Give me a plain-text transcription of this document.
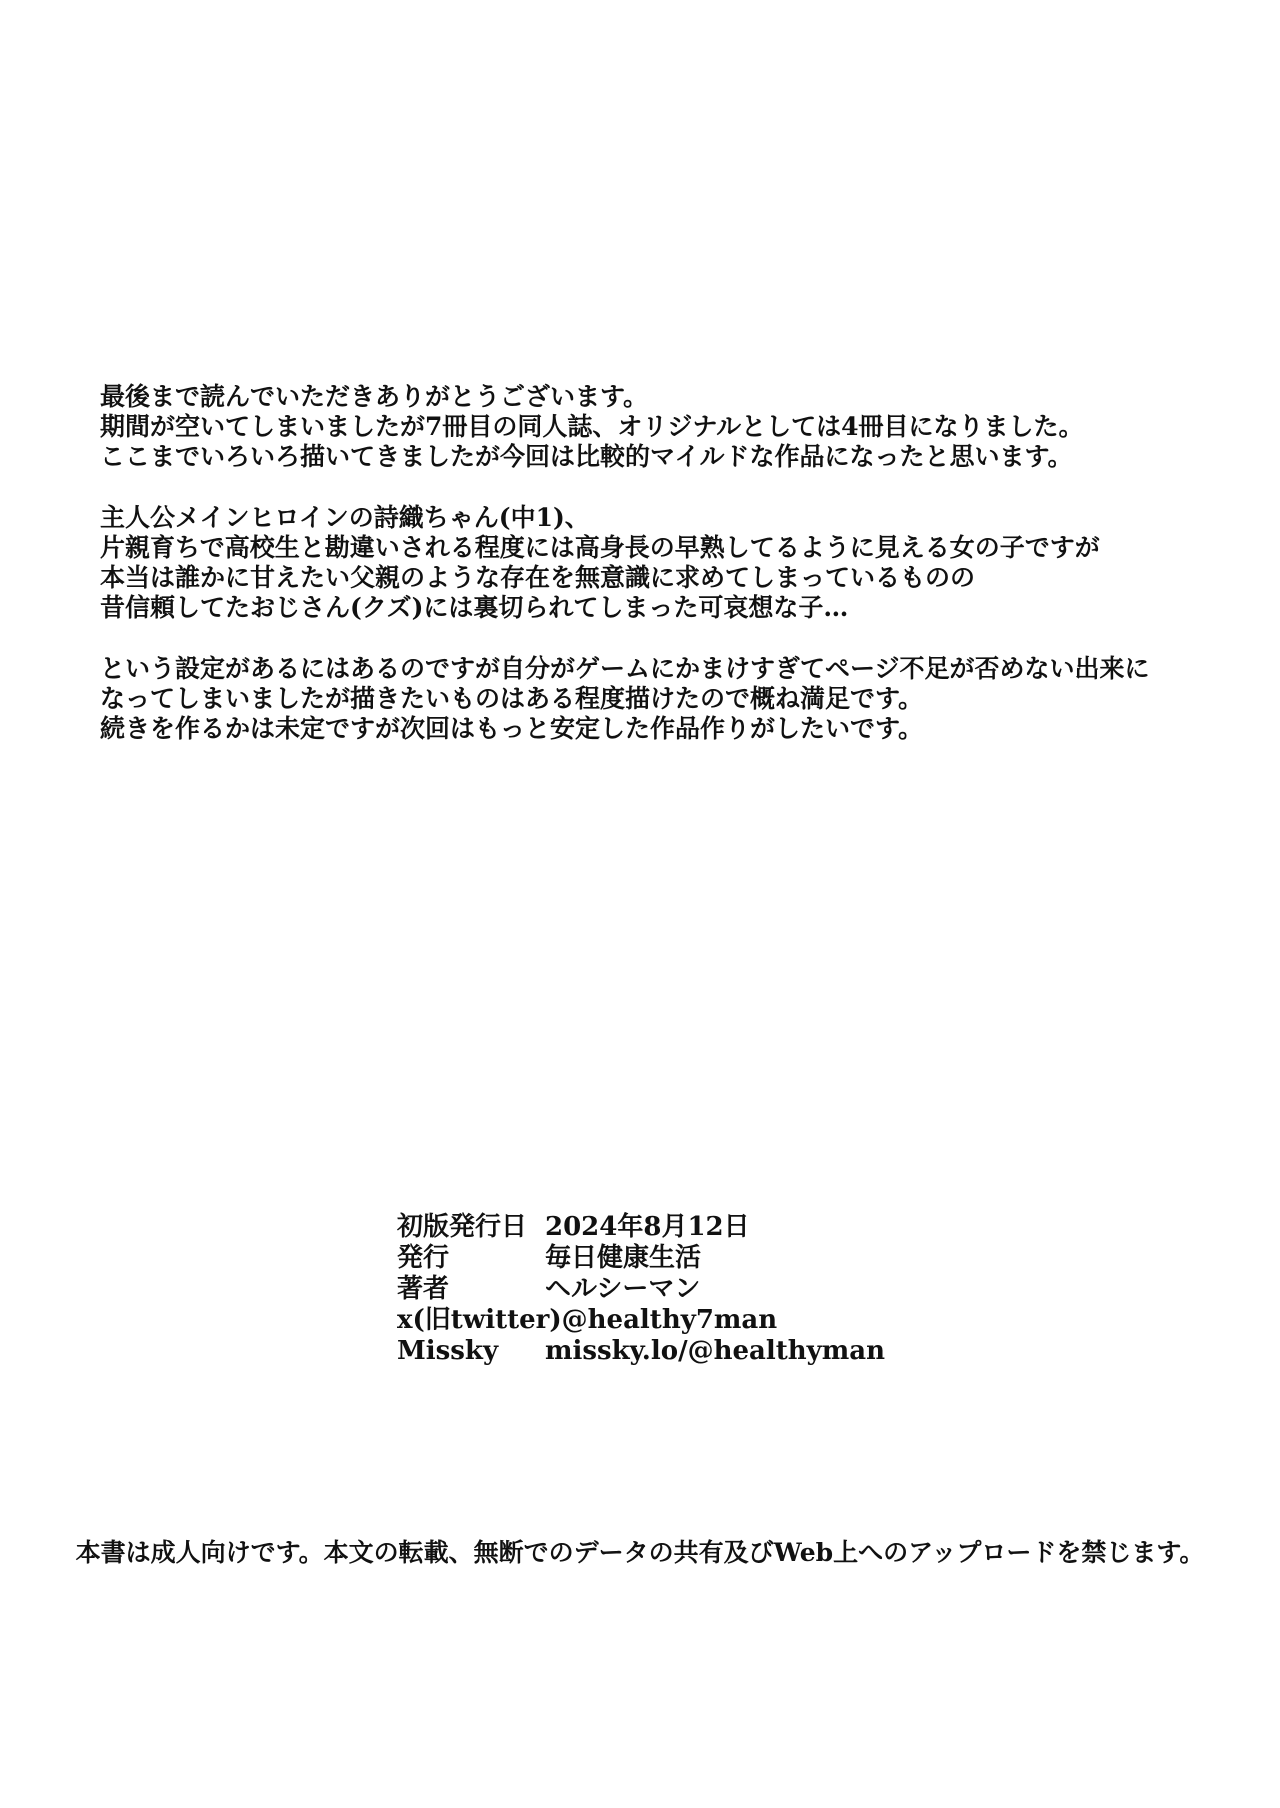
最後まで読んでいただきありがとうございます。
期間が空いてしまいましたが7冊目の同人誌、オリジナルとしては4冊目になりました。
ここまでいろいろ描いてきましたが今回は比較的マイルドな作品になったと思います。

主人公メインヒロインの詩織ちゃん(中1)、
片親育ちで高校生と勘違いされる程度には高身長の早熟してるように見える女の子ですが
本当は誰かに甘えたい父親のような存在を無意識に求めてしまっているものの
昔信頼してたおじさん(クズ)には裏切られてしまった可哀想な子…

という設定があるにはあるのですが自分がゲームにかまけすぎてページ不足が否めない出来に
なってしまいましたが描きたいものはある程度描けたので概ね満足です。
続きを作るかは未定ですが次回はもっと安定した作品作りがしたいです。

初版発行日 2024年8月12日
発行	毎日健康生活
著者	ヘルシーマン
x(旧twitter) @healthy7man
Missky	missky.lo/@healthyman
本書は成人向けです。本文の転載、無断でのデータの共有及びWeb上へのアップロードを禁じます。
